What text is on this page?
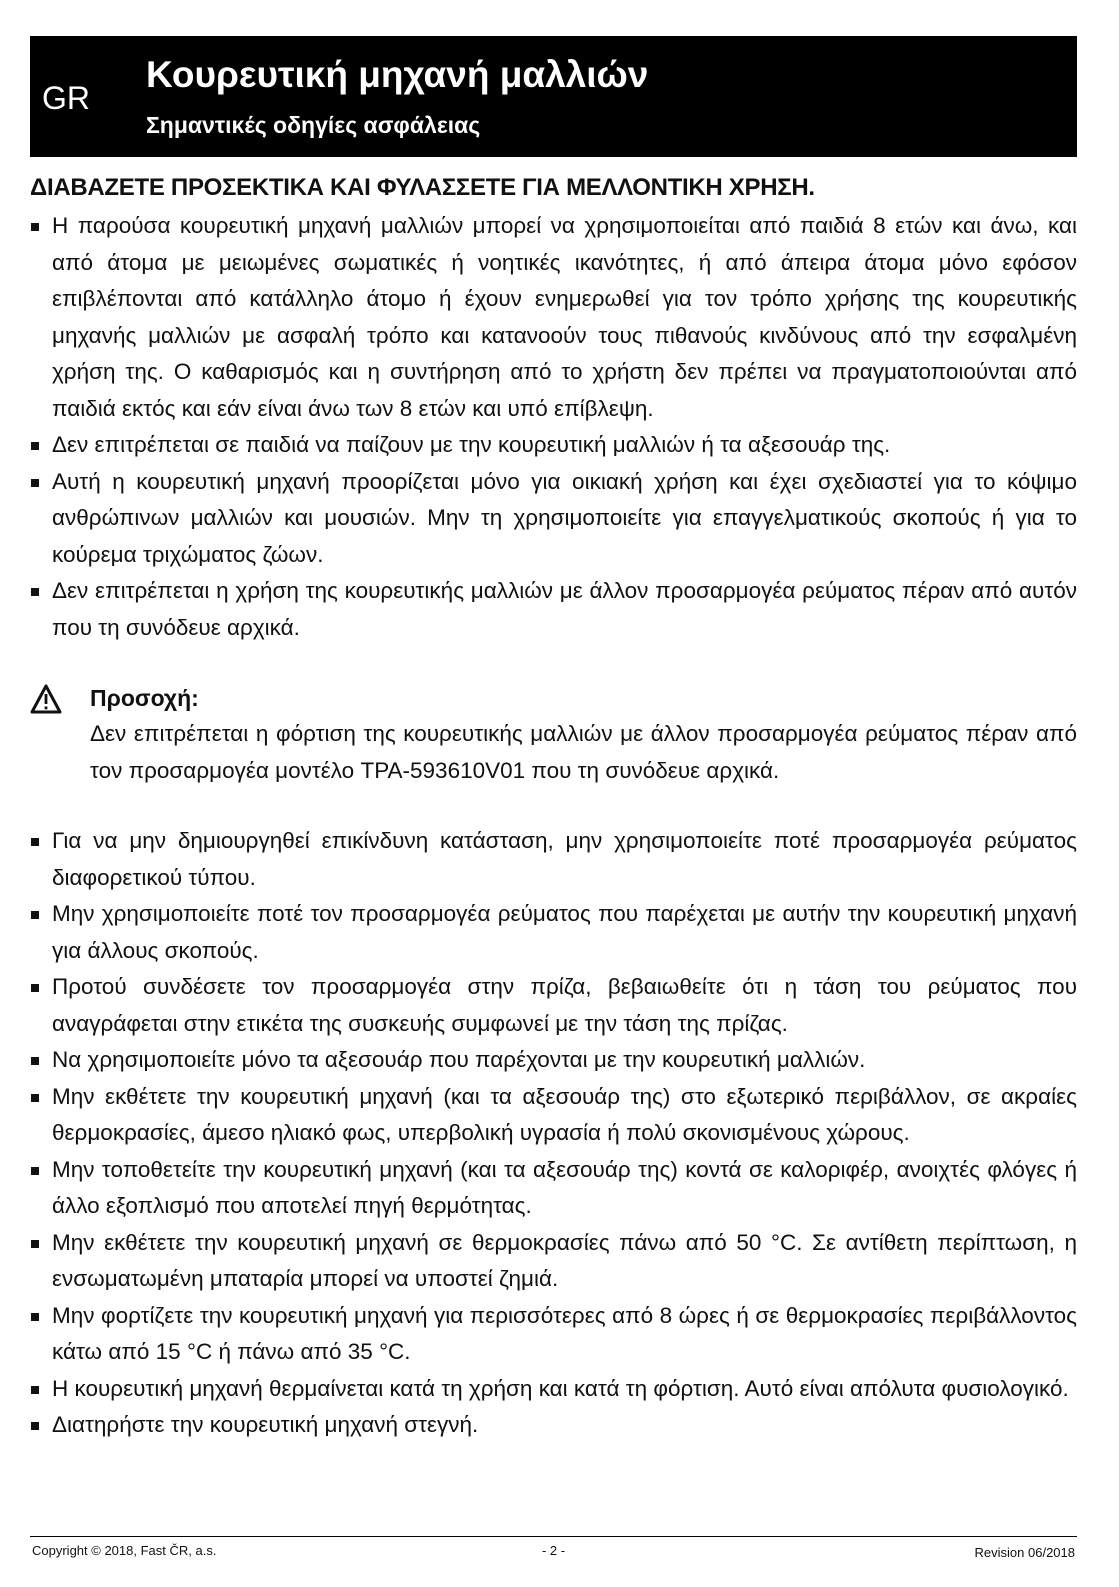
GR
Κουρευτική μηχανή μαλλιών
Σημαντικές οδηγίες ασφάλειας
ΔΙΑΒΑΖΕΤΕ ΠΡΟΣΕΚΤΙΚΑ ΚΑΙ ΦΥΛΑΣΣΕΤΕ ΓΙΑ ΜΕΛΛΟΝΤΙΚΗ ΧΡΗΣΗ.
Η παρούσα κουρευτική μηχανή μαλλιών μπορεί να χρησιμοποιείται από παιδιά 8 ετών και άνω, και από άτομα με μειωμένες σωματικές ή νοητικές ικανότητες, ή από άπειρα άτομα μόνο εφόσον επιβλέπονται από κατάλληλο άτομο ή έχουν ενημερωθεί για τον τρόπο χρήσης της κουρευτικής μηχανής μαλλιών με ασφαλή τρόπο και κατανοούν τους πιθανούς κινδύνους από την εσφαλμένη χρήση της. Ο καθαρισμός και η συντήρηση από το χρήστη δεν πρέπει να πραγματοποιούνται από παιδιά εκτός και εάν είναι άνω των 8 ετών και υπό επίβλεψη.
Δεν επιτρέπεται σε παιδιά να παίζουν με την κουρευτική μαλλιών ή τα αξεσουάρ της.
Αυτή η κουρευτική μηχανή προορίζεται μόνο για οικιακή χρήση και έχει σχεδιαστεί για το κόψιμο ανθρώπινων μαλλιών και μουσιών. Μην τη χρησιμοποιείτε για επαγγελματικούς σκοπούς ή για το κούρεμα τριχώματος ζώων.
Δεν επιτρέπεται η χρήση της κουρευτικής μαλλιών με άλλον προσαρμογέα ρεύματος πέραν από αυτόν που τη συνόδευε αρχικά.
Προσοχή:
Δεν επιτρέπεται η φόρτιση της κουρευτικής μαλλιών με άλλον προσαρμογέα ρεύματος πέραν από τον προσαρμογέα μοντέλο TPA-593610V01 που τη συνόδευε αρχικά.
Για να μην δημιουργηθεί επικίνδυνη κατάσταση, μην χρησιμοποιείτε ποτέ προσαρμογέα ρεύματος διαφορετικού τύπου.
Μην χρησιμοποιείτε ποτέ τον προσαρμογέα ρεύματος που παρέχεται με αυτήν την κουρευτική μηχανή για άλλους σκοπούς.
Προτού συνδέσετε τον προσαρμογέα στην πρίζα, βεβαιωθείτε ότι η τάση του ρεύματος που αναγράφεται στην ετικέτα της συσκευής συμφωνεί με την τάση της πρίζας.
Να χρησιμοποιείτε μόνο τα αξεσουάρ που παρέχονται με την κουρευτική μαλλιών.
Μην εκθέτετε την κουρευτική μηχανή (και τα αξεσουάρ της) στο εξωτερικό περιβάλλον, σε ακραίες θερμοκρασίες, άμεσο ηλιακό φως, υπερβολική υγρασία ή πολύ σκονισμένους χώρους.
Μην τοποθετείτε την κουρευτική μηχανή (και τα αξεσουάρ της) κοντά σε καλοριφέρ, ανοιχτές φλόγες ή άλλο εξοπλισμό που αποτελεί πηγή θερμότητας.
Μην εκθέτετε την κουρευτική μηχανή σε θερμοκρασίες πάνω από 50 °C. Σε αντίθετη περίπτωση, η ενσωματωμένη μπαταρία μπορεί να υποστεί ζημιά.
Μην φορτίζετε την κουρευτική μηχανή για περισσότερες από 8 ώρες ή σε θερμοκρασίες περιβάλλοντος κάτω από 15 °C ή πάνω από 35 °C.
Η κουρευτική μηχανή θερμαίνεται κατά τη χρήση και κατά τη φόρτιση. Αυτό είναι απόλυτα φυσιολογικό.
Διατηρήστε την κουρευτική μηχανή στεγνή.
Copyright © 2018, Fast ČR, a.s.	- 2 -	Revision 06/2018
